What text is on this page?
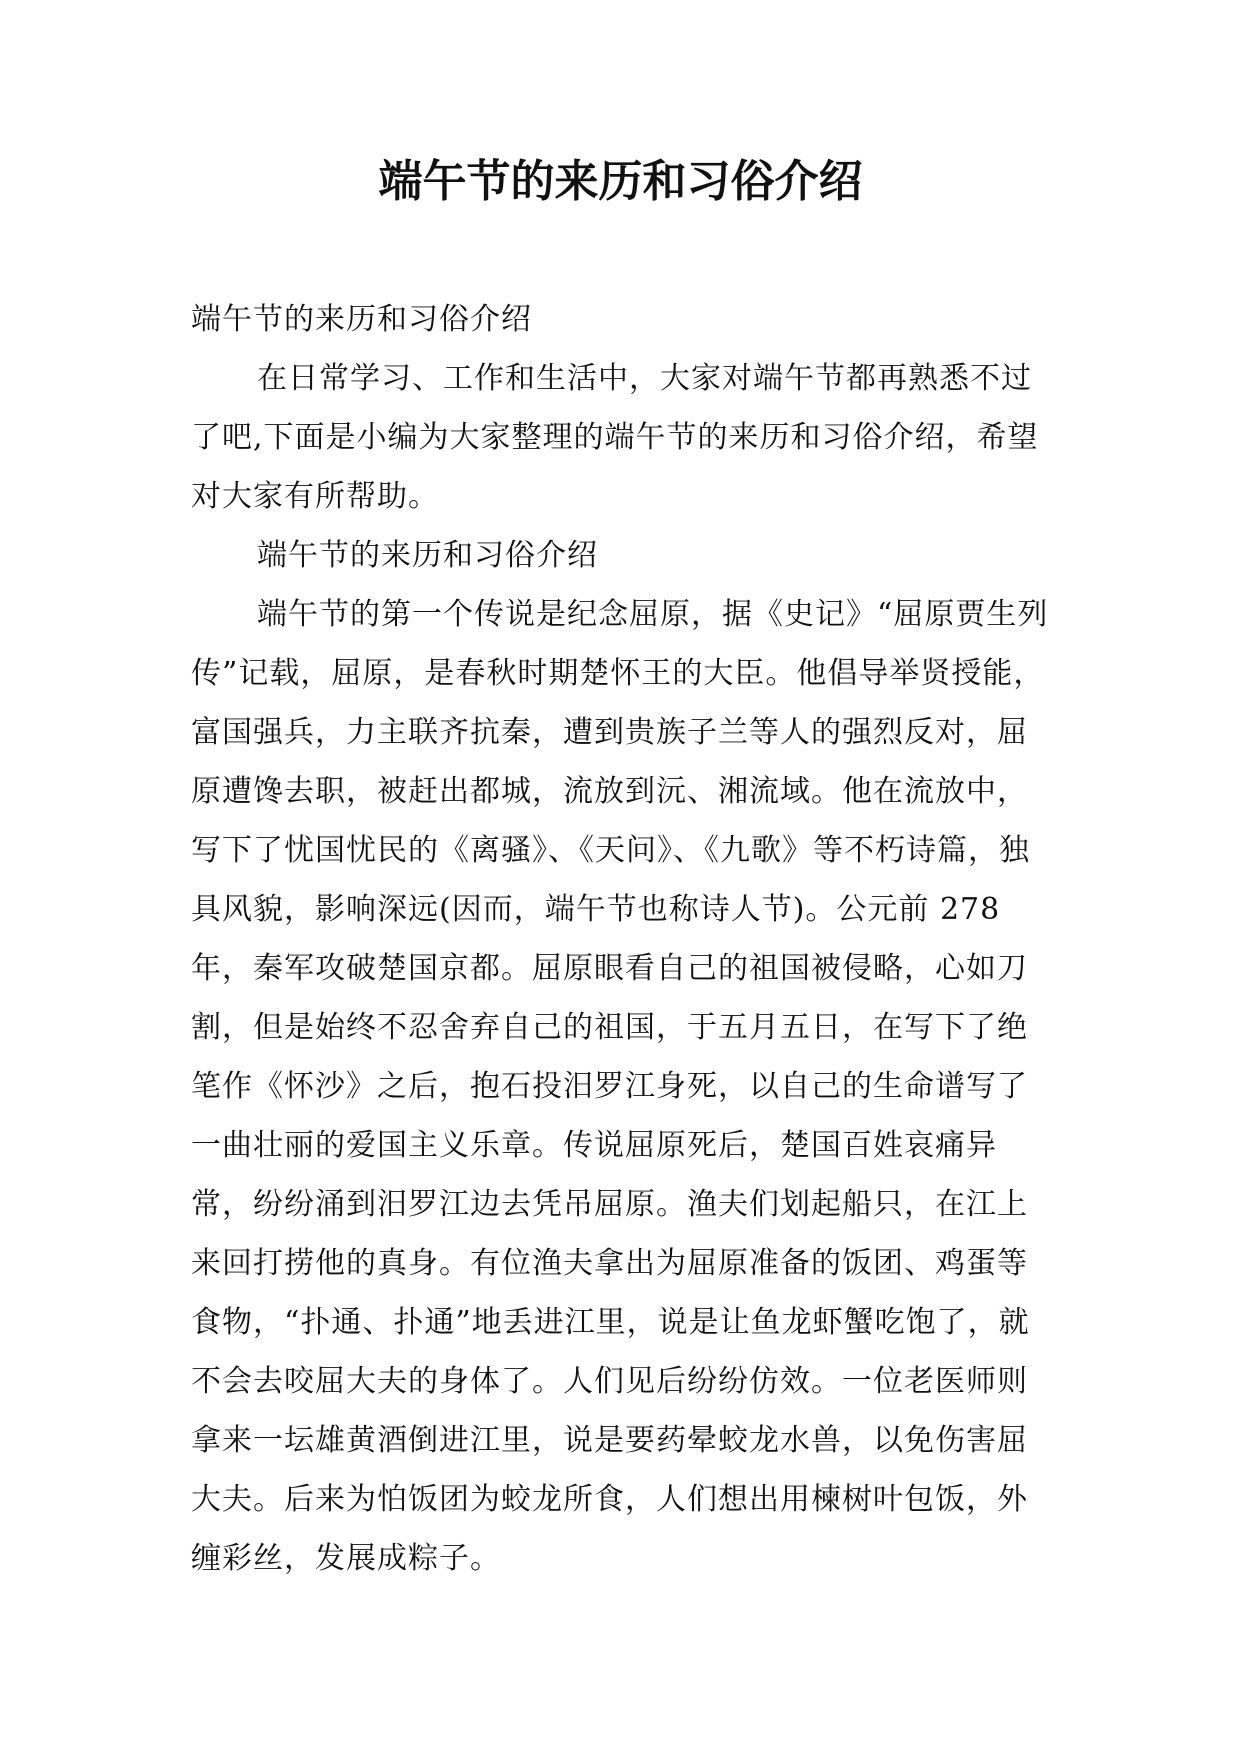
端午节的来历和习俗介绍

端午节的来历和习俗介绍

在日常学习、工作和生活中，大家对端午节都再熟悉不过了吧,下面是小编为大家整理的端午节的来历和习俗介绍，希望对大家有所帮助。

端午节的来历和习俗介绍

端午节的第一个传说是纪念屈原，据《史记》“屈原贾生列传”记载，屈原，是春秋时期楚怀王的大臣。他倡导举贤授能，富国强兵，力主联齐抗秦，遭到贵族子兰等人的强烈反对，屈原遭馋去职，被赶出都城，流放到沅、湘流域。他在流放中，写下了忧国忧民的《离骚》、《天问》、《九歌》等不朽诗篇，独具风貌，影响深远(因而，端午节也称诗人节)。公元前 278 年，秦军攻破楚国京都。屈原眼看自己的祖国被侵略，心如刀割，但是始终不忍舍弃自己的祖国，于五月五日，在写下了绝笔作《怀沙》之后，抱石投汨罗江身死，以自己的生命谱写了一曲壮丽的爱国主义乐章。传说屈原死后，楚国百姓哀痛异常，纷纷涌到汨罗江边去凭吊屈原。渔夫们划起船只，在江上来回打捞他的真身。有位渔夫拿出为屈原准备的饭团、鸡蛋等食物，“扑通、扑通”地丢进江里，说是让鱼龙虾蟹吃饱了，就不会去咬屈大夫的身体了。人们见后纷纷仿效。一位老医师则拿来一坛雄黄酒倒进江里，说是要药晕蛟龙水兽，以免伤害屈大夫。后来为怕饭团为蛟龙所食，人们想出用楝树叶包饭，外缠彩丝，发展成粽子。
